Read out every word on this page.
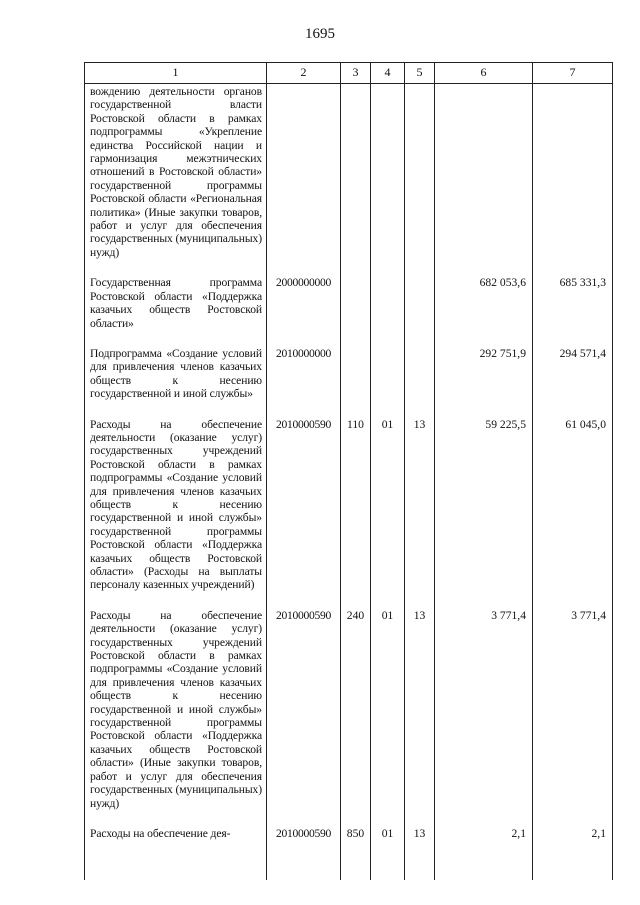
1695
1	2	3	4	5	6	7
вождению деятельности органов государственной власти Ростовской области в рамках подпрограммы «Укрепление единства Российской нации и гармонизация межэтнических отношений в Ростовской области» государственной программы Ростовской области «Региональная политика» (Иные закупки товаров, работ и услуг для обеспечения государственных (муниципальных) нужд)						
Государственная программа Ростовской области «Поддержка казачьих обществ Ростовской области»	2000000000				682 053,6	685 331,3
Подпрограмма «Создание условий для привлечения членов казачьих обществ к несению государственной и иной службы»	2010000000				292 751,9	294 571,4
Расходы на обеспечение деятельности (оказание услуг) государственных учреждений Ростовской области в рамках подпрограммы «Создание условий для привлечения членов казачьих обществ к несению государственной и иной службы» государственной программы Ростовской области «Поддержка казачьих обществ Ростовской области» (Расходы на выплаты персоналу казенных учреждений)	2010000590	110	01	13	59 225,5	61 045,0
Расходы на обеспечение деятельности (оказание услуг) государственных учреждений Ростовской области в рамках подпрограммы «Создание условий для привлечения членов казачьих обществ к несению государственной и иной службы» государственной программы Ростовской области «Поддержка казачьих обществ Ростовской области» (Иные закупки товаров, работ и услуг для обеспечения государственных (муниципальных) нужд)	2010000590	240	01	13	3 771,4	3 771,4
Расходы на обеспечение дея-	2010000590	850	01	13	2,1	2,1
